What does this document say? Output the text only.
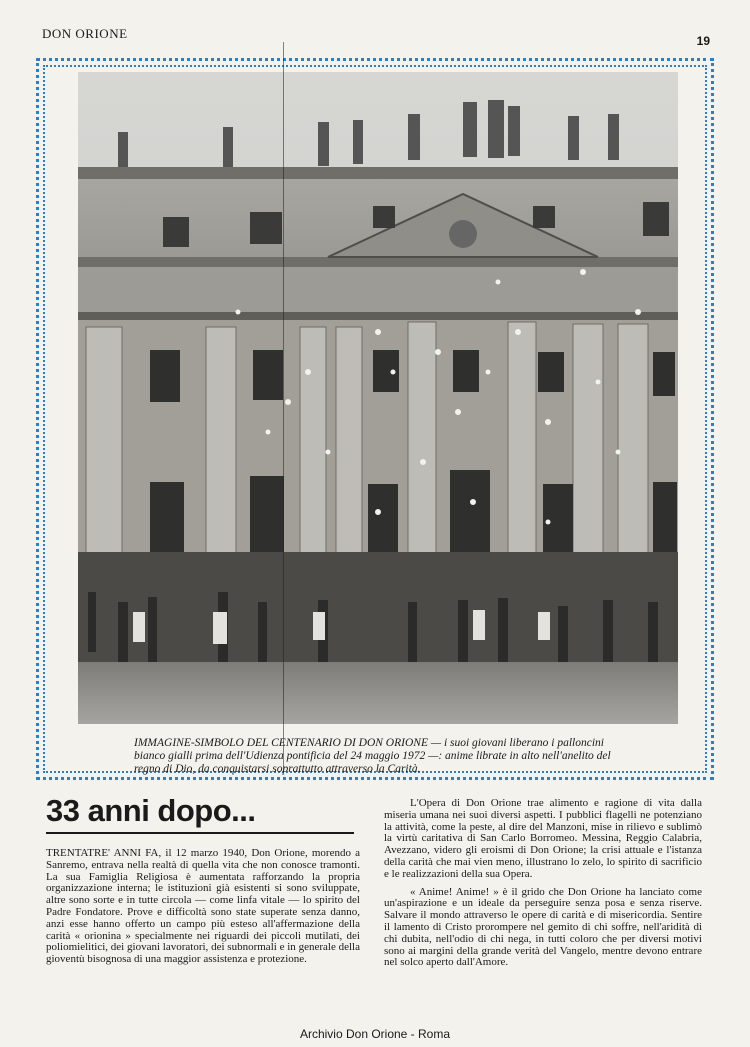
DON ORIONE	19
IMMAGINE-SIMBOLO DEL CENTENARIO DI DON ORIONE — i suoi giovani liberano i palloncini bianco gialli prima dell'Udienza pontificia del 24 maggio 1972 —: anime librate in alto nell'anelito del regno di Dio, da conquistarsi soprattutto attraverso la Carità.
33 anni dopo...

TRENTATRE' ANNI FA, il 12 marzo 1940, Don Orione, morendo a Sanremo, entrava nella realtà di quella vita che non conosce tramonti. La sua Famiglia Religiosa è aumentata rafforzando la propria organizzazione interna; le istituzioni già esistenti si sono sviluppate, altre sono sorte e in tutte circola — come linfa vitale — lo spirito del Padre Fondatore. Prove e difficoltà sono state superate senza danno, anzi esse hanno offerto un campo più esteso all'affermazione della carità « orionina » specialmente nei riguardi dei piccoli mutilati, dei poliomielitici, dei giovani lavoratori, dei subnormali e in generale della gioventù bisognosa di una maggior assistenza e protezione.

L'Opera di Don Orione trae alimento e ragione di vita dalla miseria umana nei suoi diversi aspetti. I pubblici flagelli ne potenziano la attività, come la peste, al dire del Manzoni, mise in rilievo e sublimò la virtù caritativa di San Carlo Borromeo. Messina, Reggio Calabria, Avezzano, videro gli eroismi di Don Orione; la crisi attuale e l'istanza della carità che mai vien meno, illustrano lo zelo, lo spirito di sacrificio e le realizzazioni della sua Opera.

« Anime! Anime! » è il grido che Don Orione ha lanciato come un'aspirazione e un ideale da perseguire senza posa e senza riserve. Salvare il mondo attraverso le opere di carità e di misericordia. Sentire il lamento di Cristo prorompere nel gemito di chi soffre, nell'aridità di chi dubita, nell'odio di chi nega, in tutti coloro che per diversi motivi sono ai margini della grande verità del Vangelo, mentre devono entrare nel solco aperto dall'Amore.

Archivio Don Orione - Roma
